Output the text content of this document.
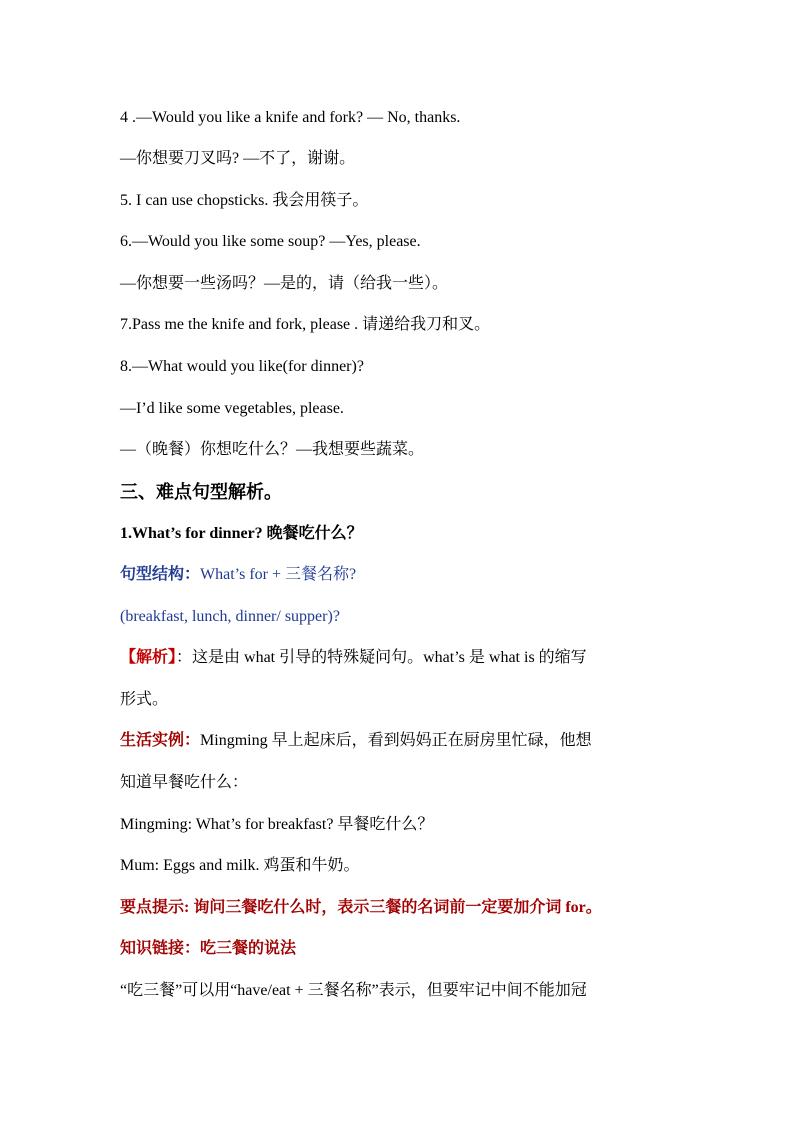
4 .—Would you like a knife and fork? — No, thanks.
—你想要刀叉吗? —不了，谢谢。
5. I can use chopsticks. 我会用筷子。
6.—Would you like some soup? —Yes, please.
—你想要一些汤吗？—是的，请（给我一些）。
7.Pass me the knife and fork, please . 请递给我刀和叉。
8.—What would you like(for dinner)?
—I’d like some vegetables, please.
—（晚餐）你想吃什么？—我想要些蔬菜。
三、难点句型解析。
1.What’s for dinner? 晚餐吃什么？
句型结构：What’s for + 三餐名称?
(breakfast, lunch, dinner/ supper)?
【解析】：这是由 what 引导的特殊疑问句。what’s 是 what is 的缩写
形式。
生活实例：Mingming 早上起床后，看到妈妈正在厨房里忙碌，他想
知道早餐吃什么：
Mingming: What’s for breakfast? 早餐吃什么？
Mum: Eggs and milk. 鸡蛋和牛奶。
要点提示: 询问三餐吃什么时，表示三餐的名词前一定要加介词 for。
知识链接：吃三餐的说法
“吃三餐”可以用“have/eat + 三餐名称”表示，但要牢记中间不能加冠
